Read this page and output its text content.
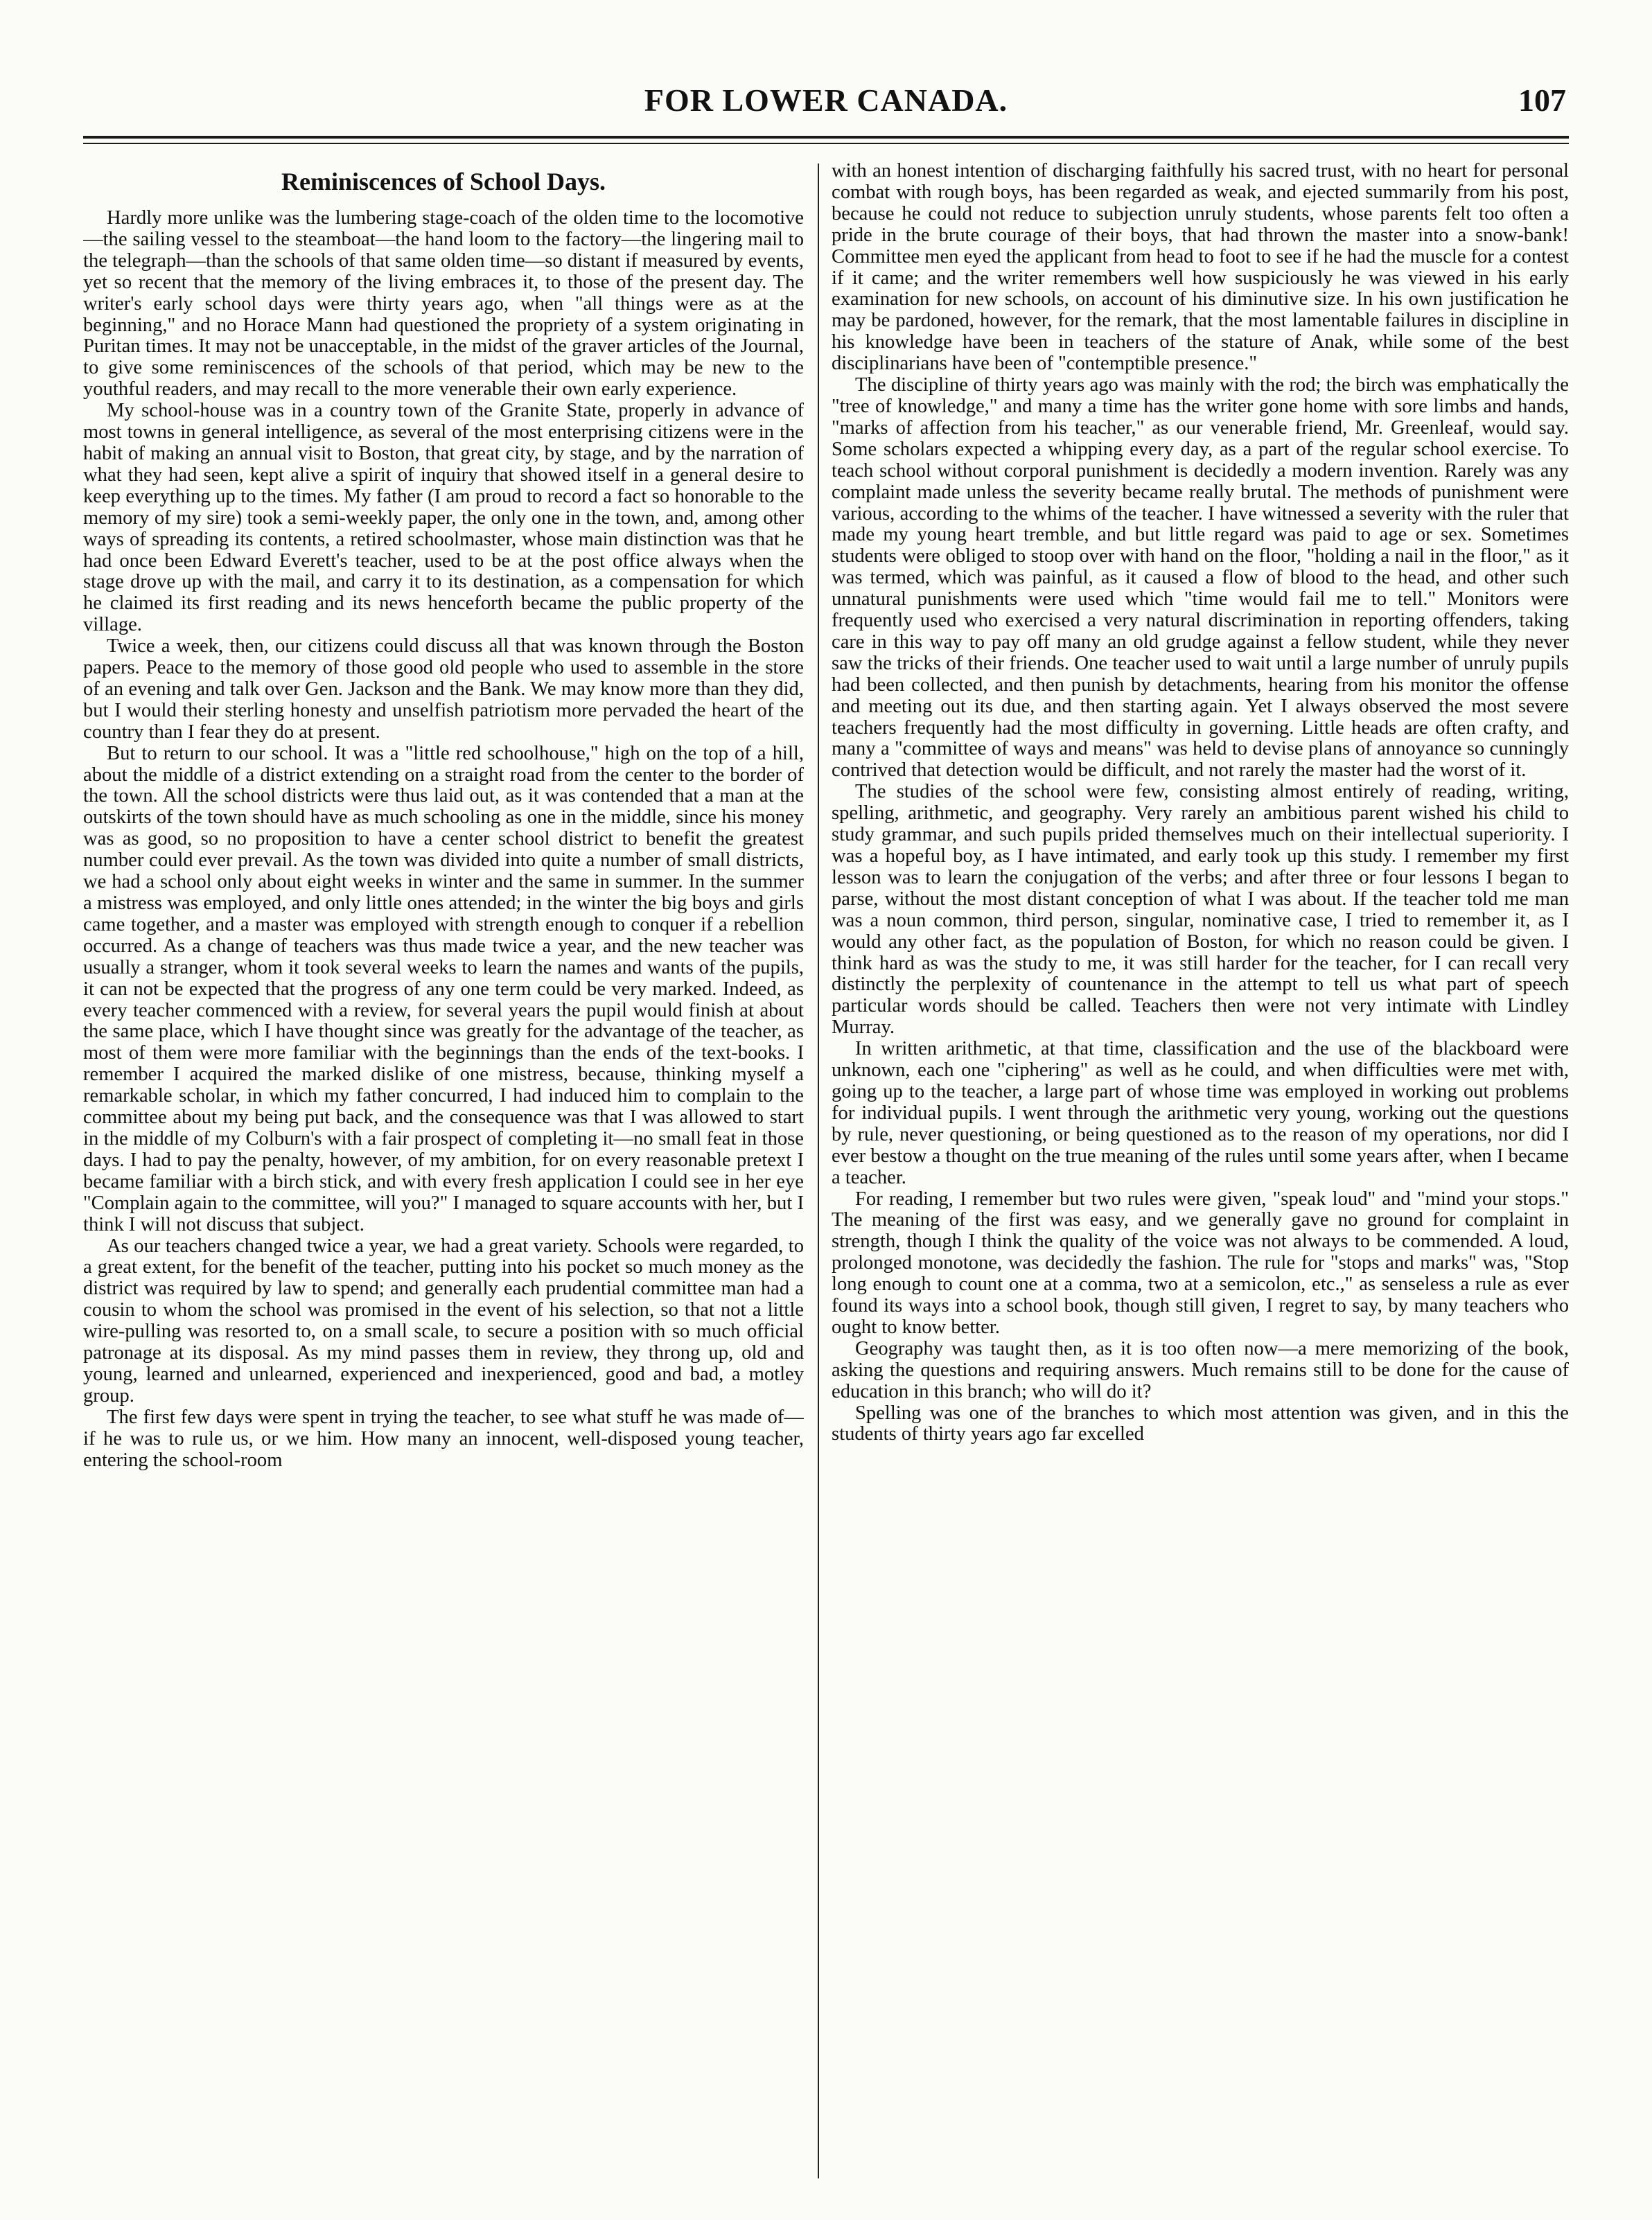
FOR LOWER CANADA.	107
Reminiscences of School Days.

Hardly more unlike was the lumbering stage-coach of the olden time to the locomotive—the sailing vessel to the steamboat—the hand loom to the factory—the lingering mail to the telegraph—than the schools of that same olden time—so distant if measured by events, yet so recent that the memory of the living embraces it, to those of the present day. The writer's early school days were thirty years ago, when "all things were as at the beginning," and no Horace Mann had questioned the propriety of a system originating in Puritan times. It may not be unacceptable, in the midst of the graver articles of the Journal, to give some reminiscences of the schools of that period, which may be new to the youthful readers, and may recall to the more venerable their own early experience.

My school-house was in a country town of the Granite State, properly in advance of most towns in general intelligence, as several of the most enterprising citizens were in the habit of making an annual visit to Boston, that great city, by stage, and by the narration of what they had seen, kept alive a spirit of inquiry that showed itself in a general desire to keep everything up to the times. My father (I am proud to record a fact so honorable to the memory of my sire) took a semi-weekly paper, the only one in the town, and, among other ways of spreading its contents, a retired schoolmaster, whose main distinction was that he had once been Edward Everett's teacher, used to be at the post office always when the stage drove up with the mail, and carry it to its destination, as a compensation for which he claimed its first reading and its news henceforth became the public property of the village.

Twice a week, then, our citizens could discuss all that was known through the Boston papers. Peace to the memory of those good old people who used to assemble in the store of an evening and talk over Gen. Jackson and the Bank. We may know more than they did, but I would their sterling honesty and unselfish patriotism more pervaded the heart of the country than I fear they do at present.

But to return to our school. It was a "little red schoolhouse," high on the top of a hill, about the middle of a district extending on a straight road from the center to the border of the town. All the school districts were thus laid out, as it was contended that a man at the outskirts of the town should have as much schooling as one in the middle, since his money was as good, so no proposition to have a center school district to benefit the greatest number could ever prevail. As the town was divided into quite a number of small districts, we had a school only about eight weeks in winter and the same in summer. In the summer a mistress was employed, and only little ones attended; in the winter the big boys and girls came together, and a master was employed with strength enough to conquer if a rebellion occurred. As a change of teachers was thus made twice a year, and the new teacher was usually a stranger, whom it took several weeks to learn the names and wants of the pupils, it can not be expected that the progress of any one term could be very marked. Indeed, as every teacher commenced with a review, for several years the pupil would finish at about the same place, which I have thought since was greatly for the advantage of the teacher, as most of them were more familiar with the beginnings than the ends of the text-books. I remember I acquired the marked dislike of one mistress, because, thinking myself a remarkable scholar, in which my father concurred, I had induced him to complain to the committee about my being put back, and the consequence was that I was allowed to start in the middle of my Colburn's with a fair prospect of completing it—no small feat in those days. I had to pay the penalty, however, of my ambition, for on every reasonable pretext I became familiar with a birch stick, and with every fresh application I could see in her eye "Complain again to the committee, will you?" I managed to square accounts with her, but I think I will not discuss that subject.

As our teachers changed twice a year, we had a great variety. Schools were regarded, to a great extent, for the benefit of the teacher, putting into his pocket so much money as the district was required by law to spend; and generally each prudential committee man had a cousin to whom the school was promised in the event of his selection, so that not a little wire-pulling was resorted to, on a small scale, to secure a position with so much official patronage at its disposal. As my mind passes them in review, they throng up, old and young, learned and unlearned, experienced and inexperienced, good and bad, a motley group.

The first few days were spent in trying the teacher, to see what stuff he was made of—if he was to rule us, or we him. How many an innocent, well-disposed young teacher, entering the school-room

with an honest intention of discharging faithfully his sacred trust, with no heart for personal combat with rough boys, has been regarded as weak, and ejected summarily from his post, because he could not reduce to subjection unruly students, whose parents felt too often a pride in the brute courage of their boys, that had thrown the master into a snow-bank! Committee men eyed the applicant from head to foot to see if he had the muscle for a contest if it came; and the writer remembers well how suspiciously he was viewed in his early examination for new schools, on account of his diminutive size. In his own justification he may be pardoned, however, for the remark, that the most lamentable failures in discipline in his knowledge have been in teachers of the stature of Anak, while some of the best disciplinarians have been of "contemptible presence."

The discipline of thirty years ago was mainly with the rod; the birch was emphatically the "tree of knowledge," and many a time has the writer gone home with sore limbs and hands, "marks of affection from his teacher," as our venerable friend, Mr. Greenleaf, would say. Some scholars expected a whipping every day, as a part of the regular school exercise. To teach school without corporal punishment is decidedly a modern invention. Rarely was any complaint made unless the severity became really brutal. The methods of punishment were various, according to the whims of the teacher. I have witnessed a severity with the ruler that made my young heart tremble, and but little regard was paid to age or sex. Sometimes students were obliged to stoop over with hand on the floor, "holding a nail in the floor," as it was termed, which was painful, as it caused a flow of blood to the head, and other such unnatural punishments were used which "time would fail me to tell." Monitors were frequently used who exercised a very natural discrimination in reporting offenders, taking care in this way to pay off many an old grudge against a fellow student, while they never saw the tricks of their friends. One teacher used to wait until a large number of unruly pupils had been collected, and then punish by detachments, hearing from his monitor the offense and meeting out its due, and then starting again. Yet I always observed the most severe teachers frequently had the most difficulty in governing. Little heads are often crafty, and many a "committee of ways and means" was held to devise plans of annoyance so cunningly contrived that detection would be difficult, and not rarely the master had the worst of it.

The studies of the school were few, consisting almost entirely of reading, writing, spelling, arithmetic, and geography. Very rarely an ambitious parent wished his child to study grammar, and such pupils prided themselves much on their intellectual superiority. I was a hopeful boy, as I have intimated, and early took up this study. I remember my first lesson was to learn the conjugation of the verbs; and after three or four lessons I began to parse, without the most distant conception of what I was about. If the teacher told me man was a noun common, third person, singular, nominative case, I tried to remember it, as I would any other fact, as the population of Boston, for which no reason could be given. I think hard as was the study to me, it was still harder for the teacher, for I can recall very distinctly the perplexity of countenance in the attempt to tell us what part of speech particular words should be called. Teachers then were not very intimate with Lindley Murray.

In written arithmetic, at that time, classification and the use of the blackboard were unknown, each one "ciphering" as well as he could, and when difficulties were met with, going up to the teacher, a large part of whose time was employed in working out problems for individual pupils. I went through the arithmetic very young, working out the questions by rule, never questioning, or being questioned as to the reason of my operations, nor did I ever bestow a thought on the true meaning of the rules until some years after, when I became a teacher.

For reading, I remember but two rules were given, "speak loud" and "mind your stops." The meaning of the first was easy, and we generally gave no ground for complaint in strength, though I think the quality of the voice was not always to be commended. A loud, prolonged monotone, was decidedly the fashion. The rule for "stops and marks" was, "Stop long enough to count one at a comma, two at a semicolon, etc.," as senseless a rule as ever found its ways into a school book, though still given, I regret to say, by many teachers who ought to know better.

Geography was taught then, as it is too often now—a mere memorizing of the book, asking the questions and requiring answers. Much remains still to be done for the cause of education in this branch; who will do it?

Spelling was one of the branches to which most attention was given, and in this the students of thirty years ago far excelled
